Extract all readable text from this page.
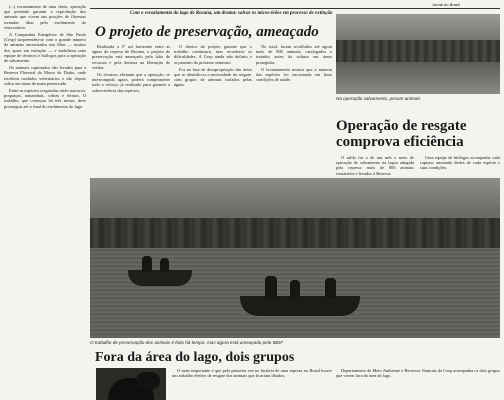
Jornal do Brasil
Com o esvaziamento do lago de Rosana, um drama: salvar os micos-leões em processo de extinção

(...) esvaziamento de uma cheia, operação que pretende garantir a reprodução dos animais que vivem nas porções de florestas tornadas ilhas pelo enchimento do reservatório.

A Companhia Energética de São Paulo (Cesp) surpreendeu-se com o grande número de animais encontrados nas ilhas — muitos dos quais em extinção — e mobilizou uma equipe de técnicos e biólogos para a operação de salvamento.

Os animais capturados são levados para a Reserva Florestal do Morro do Diabo, onde recebem cuidados veterinários e são depois soltos em áreas de mata preservada.

Entre as espécies resgatadas estão macacos, preguiças, tamanduás, cobras e felinos. O trabalho, que começou há três meses, deve prosseguir até o final do enchimento do lago.

O projeto de preservação, ameaçado

Realizada a 5º sol horizonte entre as águas da represa de Rosana, o projeto de preservação está ameaçado pela falta de recursos e pela demora na liberação de verbas.

Os técnicos afirmam que a operação, se interrompida agora, poderá comprometer todo o esforço já realizado para garantir a sobrevivência das espécies.

O diretor do projeto garante que o trabalho continuará, mas reconhece as dificuldades. A Cesp ainda não definiu o orçamento do próximo semestre.

Foi na fase de desapropriação das áreas que se identificou a necessidade do resgate, com grupos de animais isolados pelas águas.

No total, foram recolhidos até agora mais de 800 animais, catalogados e tratados antes da soltura em áreas protegidas.

O levantamento mostra que a maioria das espécies foi encontrada em boas condições de saúde.

Na operação salvamento, pesam animais
Operação de resgate comprova eficiência

O saldo foi o de um mês e meio de operação de salvamento na lagoa atingida pela represa: mais de 800 animais resgatados e levados à Reserva.

Uma equipe de biólogos acompanha cada captura, anotando dados de cada espécie e suas condições.

O trabalho de preservação dos animais é feito há tempo, mas agora está ameaçado pelo IBDF
Fora da área do lago, dois grupos

O mais importante é que pela primeira vez na história de uma represa no Brasil houve um trabalho efetivo de resgate dos animais que ficariam ilhados.

Departamento de Meio Ambiente e Recursos Naturais da Cesp acompanha os dois grupos que vivem fora da área do lago.
